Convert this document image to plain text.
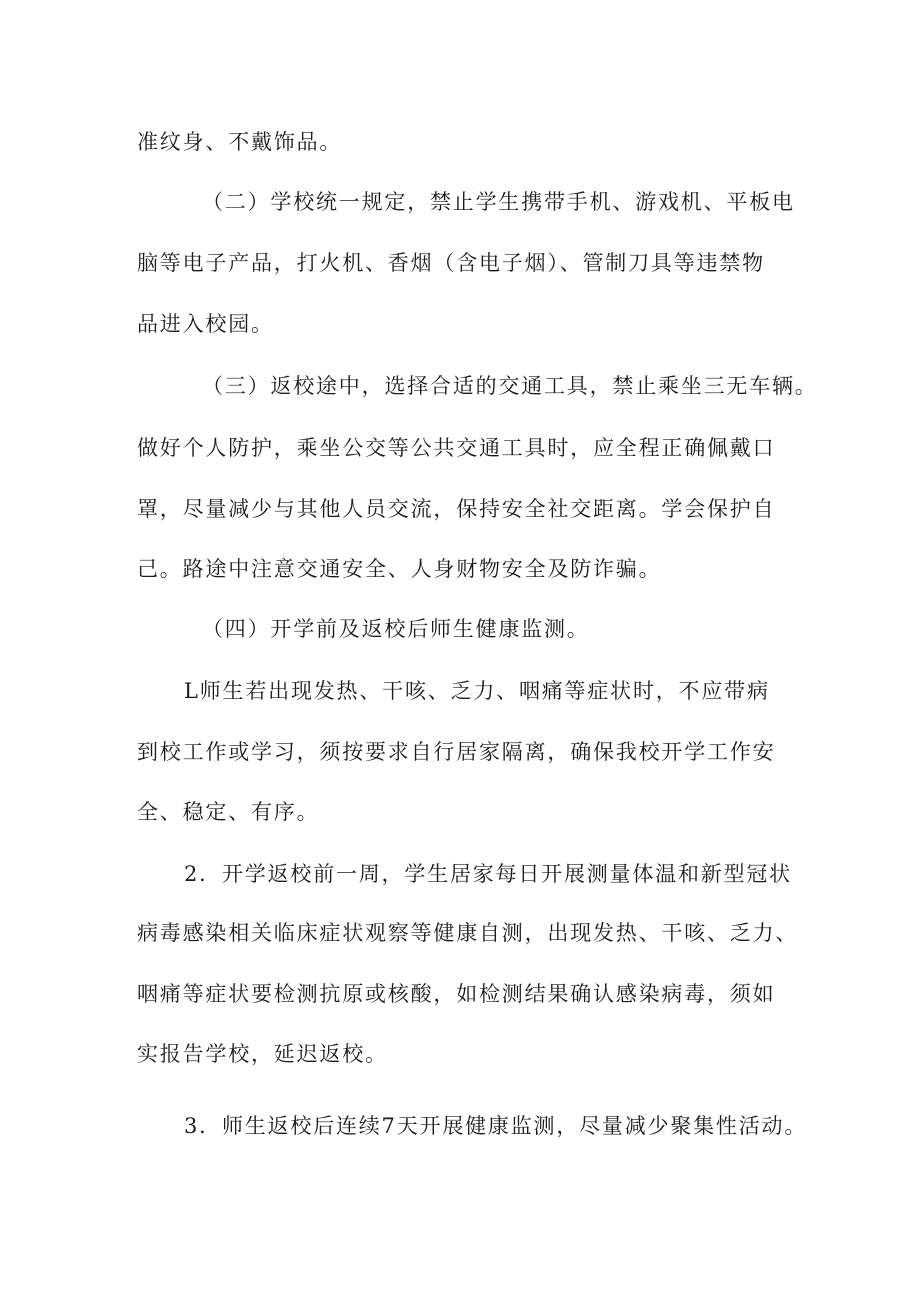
准纹身、不戴饰品。
（二）学校统一规定，禁止学生携带手机、游戏机、平板电
脑等电子产品，打火机、香烟（含电子烟）、管制刀具等违禁物
品进入校园。
（三）返校途中，选择合适的交通工具，禁止乘坐三无车辆。
做好个人防护，乘坐公交等公共交通工具时，应全程正确佩戴口
罩，尽量减少与其他人员交流，保持安全社交距离。学会保护自
己。路途中注意交通安全、人身财物安全及防诈骗。
（四）开学前及返校后师生健康监测。
L师生若出现发热、干咳、乏力、咽痛等症状时，不应带病
到校工作或学习，须按要求自行居家隔离，确保我校开学工作安
全、稳定、有序。
2．开学返校前一周，学生居家每日开展测量体温和新型冠状
病毒感染相关临床症状观察等健康自测，出现发热、干咳、乏力、
咽痛等症状要检测抗原或核酸，如检测结果确认感染病毒，须如
实报告学校，延迟返校。
3．师生返校后连续7天开展健康监测，尽量减少聚集性活动。
